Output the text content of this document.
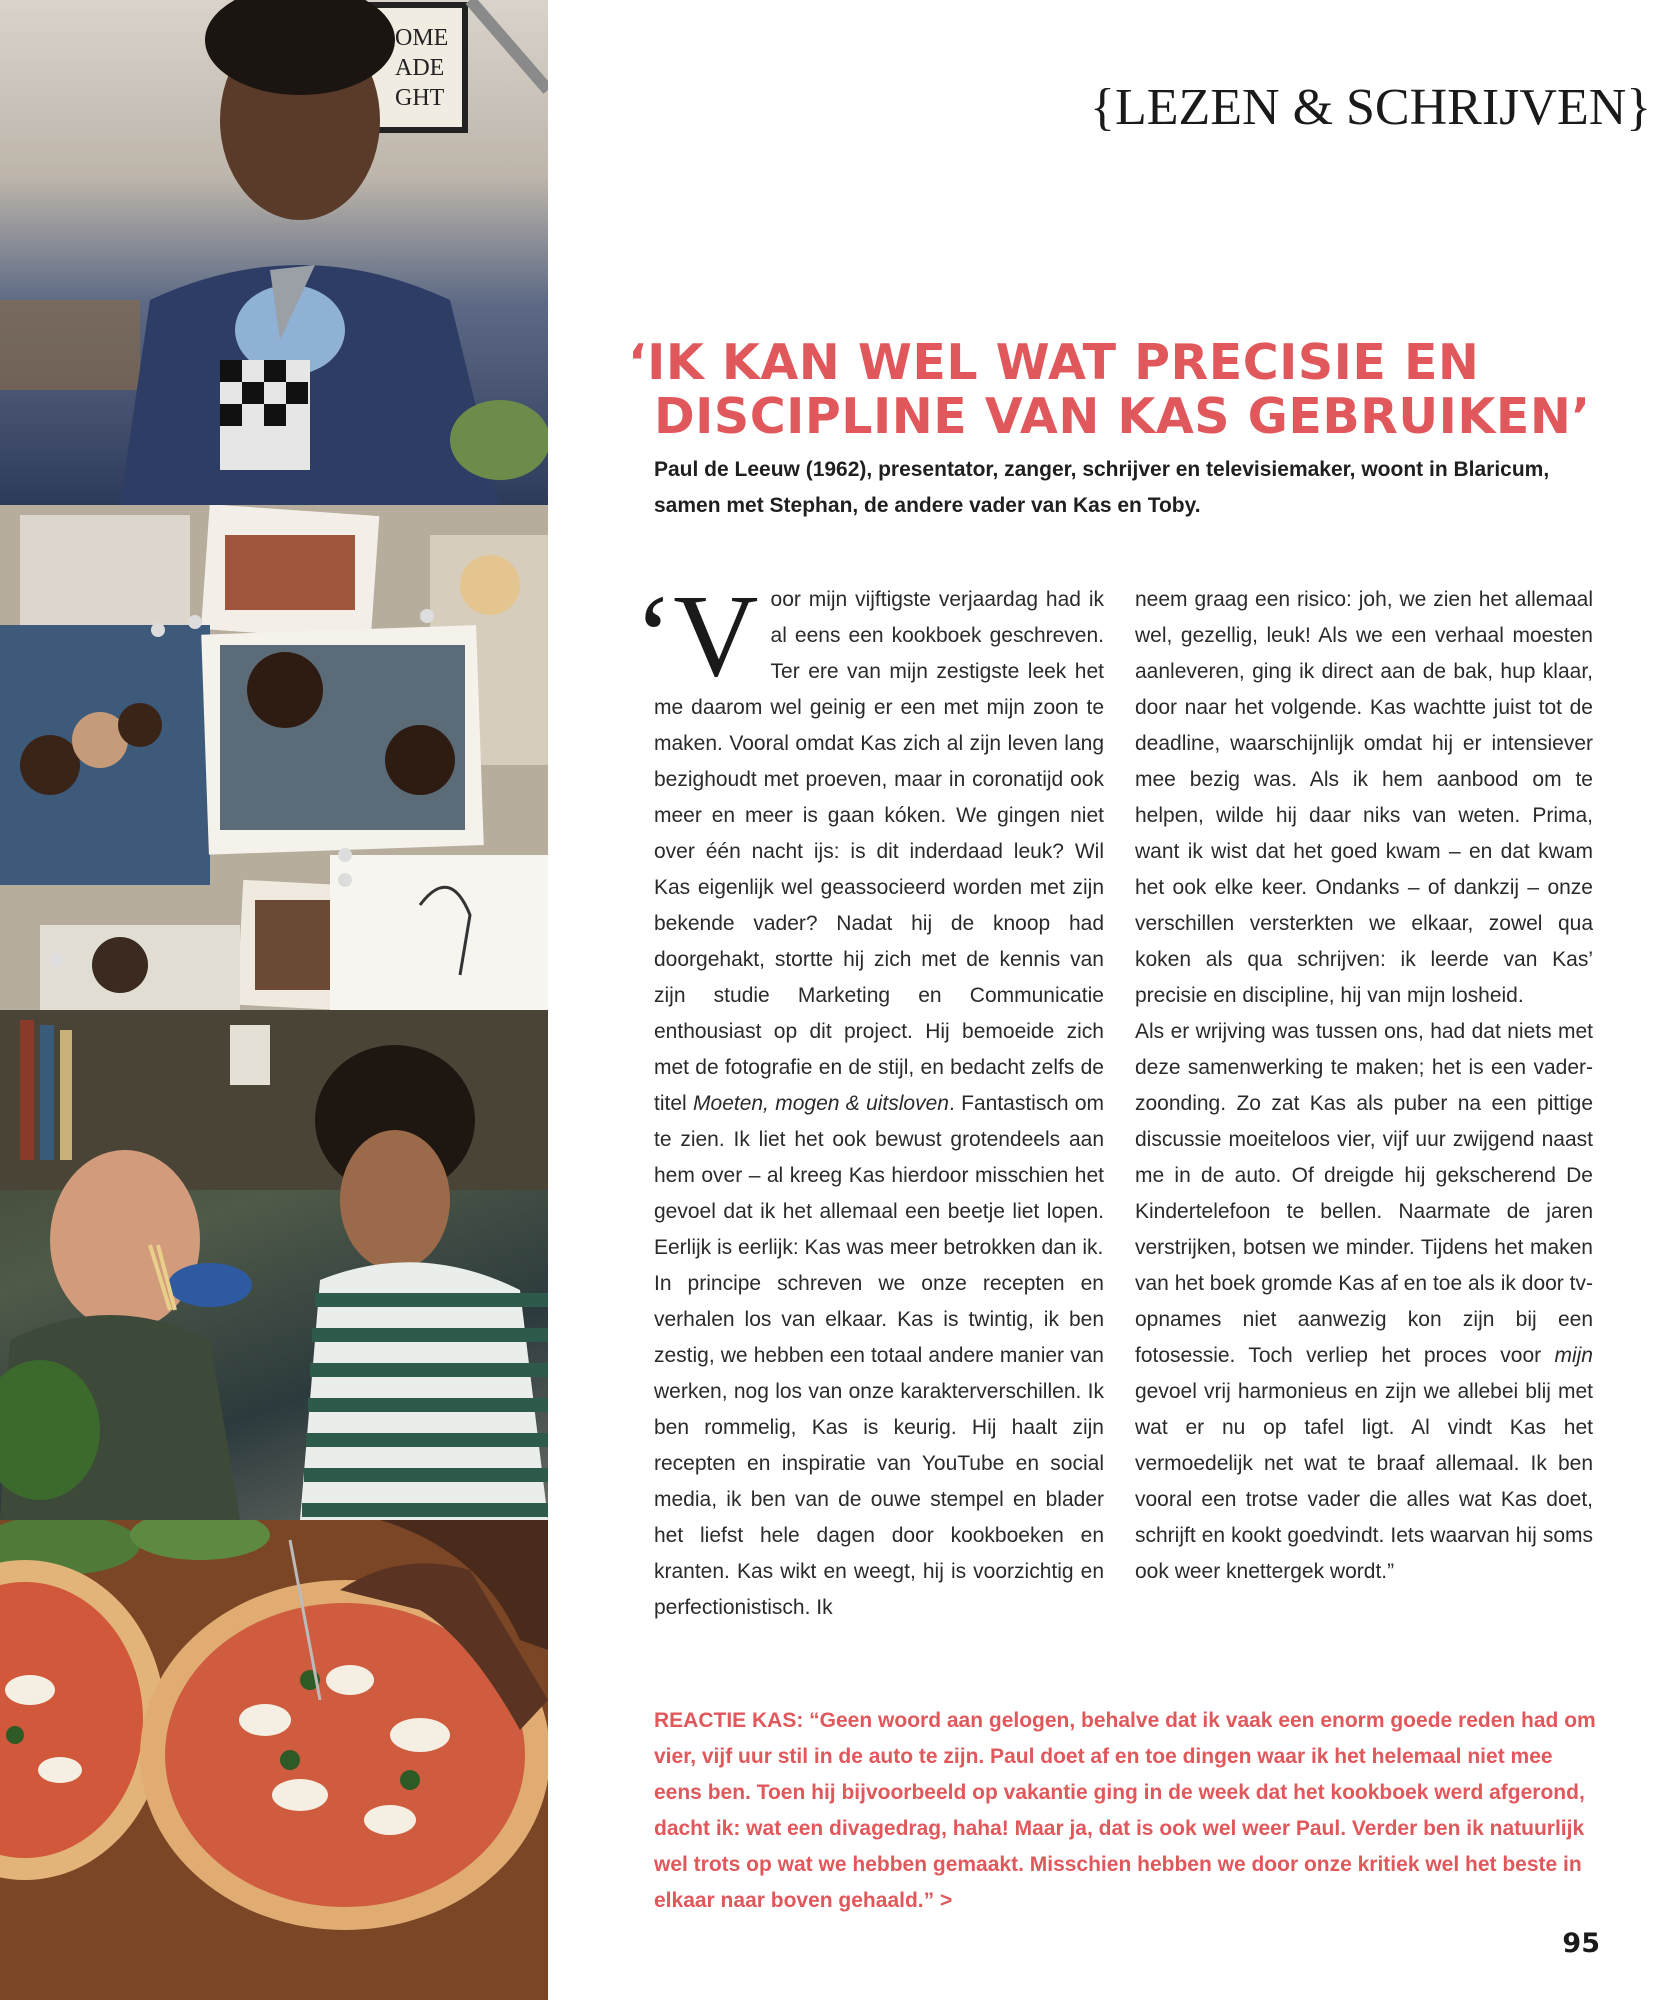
OME
ADE
GHT	{LEZEN & SCHRIJVEN}
‘IK KAN WEL WAT PRECISIE EN
DISCIPLINE VAN KAS GEBRUIKEN’
Paul de Leeuw (1962), presentator, zanger, schrijver en televisiemaker, woont in Blaricum, samen met Stephan, de andere vader van Kas en Toby.

‘Voor mijn vijftigste verjaardag had ik al eens een kookboek geschreven. Ter ere van mijn zestigste leek het me daarom wel geinig er een met mijn zoon te maken. Vooral omdat Kas zich al zijn leven lang bezighoudt met proeven, maar in coronatijd ook meer en meer is gaan kóken. We gingen niet over één nacht ijs: is dit inderdaad leuk? Wil Kas eigenlijk wel geassocieerd worden met zijn bekende vader? Nadat hij de knoop had doorgehakt, stortte hij zich met de kennis van zijn studie Marketing en Communicatie enthousiast op dit project. Hij bemoeide zich met de fotografie en de stijl, en bedacht zelfs de titel Moeten, mogen & uitsloven. Fantastisch om te zien. Ik liet het ook bewust grotendeels aan hem over – al kreeg Kas hierdoor misschien het gevoel dat ik het allemaal een beetje liet lopen. Eerlijk is eerlijk: Kas was meer betrokken dan ik.

In principe schreven we onze recepten en verhalen los van elkaar. Kas is twintig, ik ben zestig, we hebben een totaal andere manier van werken, nog los van onze karakterverschillen. Ik ben rommelig, Kas is keurig. Hij haalt zijn recepten en inspiratie van YouTube en social media, ik ben van de ouwe stempel en blader het liefst hele dagen door kookboeken en kranten. Kas wikt en weegt, hij is voorzichtig en perfectionistisch. Ik

neem graag een risico: joh, we zien het allemaal wel, gezellig, leuk! Als we een verhaal moesten aanleveren, ging ik direct aan de bak, hup klaar, door naar het volgende. Kas wachtte juist tot de deadline, waarschijnlijk omdat hij er intensiever mee bezig was. Als ik hem aanbood om te helpen, wilde hij daar niks van weten. Prima, want ik wist dat het goed kwam – en dat kwam het ook elke keer. Ondanks – of dankzij – onze verschillen versterkten we elkaar, zowel qua koken als qua schrijven: ik leerde van Kas’ precisie en discipline, hij van mijn losheid.

Als er wrijving was tussen ons, had dat niets met deze samenwerking te maken; het is een vader-zoonding. Zo zat Kas als puber na een pittige discussie moeiteloos vier, vijf uur zwijgend naast me in de auto. Of dreigde hij gekscherend De Kindertelefoon te bellen. Naarmate de jaren verstrijken, botsen we minder. Tijdens het maken van het boek gromde Kas af en toe als ik door tv-opnames niet aanwezig kon zijn bij een fotosessie. Toch verliep het proces voor mijn gevoel vrij harmonieus en zijn we allebei blij met wat er nu op tafel ligt. Al vindt Kas het vermoedelijk net wat te braaf allemaal. Ik ben vooral een trotse vader die alles wat Kas doet, schrijft en kookt goedvindt. Iets waarvan hij soms ook weer knettergek wordt.”

REACTIE KAS: “Geen woord aan gelogen, behalve dat ik vaak een enorm goede reden had om vier, vijf uur stil in de auto te zijn. Paul doet af en toe dingen waar ik het helemaal niet mee eens ben. Toen hij bijvoorbeeld op vakantie ging in de week dat het kookboek werd afgerond, dacht ik: wat een divagedrag, haha! Maar ja, dat is ook wel weer Paul. Verder ben ik natuurlijk wel trots op wat we hebben gemaakt. Misschien hebben we door onze kritiek wel het beste in elkaar naar boven gehaald.” >
95
